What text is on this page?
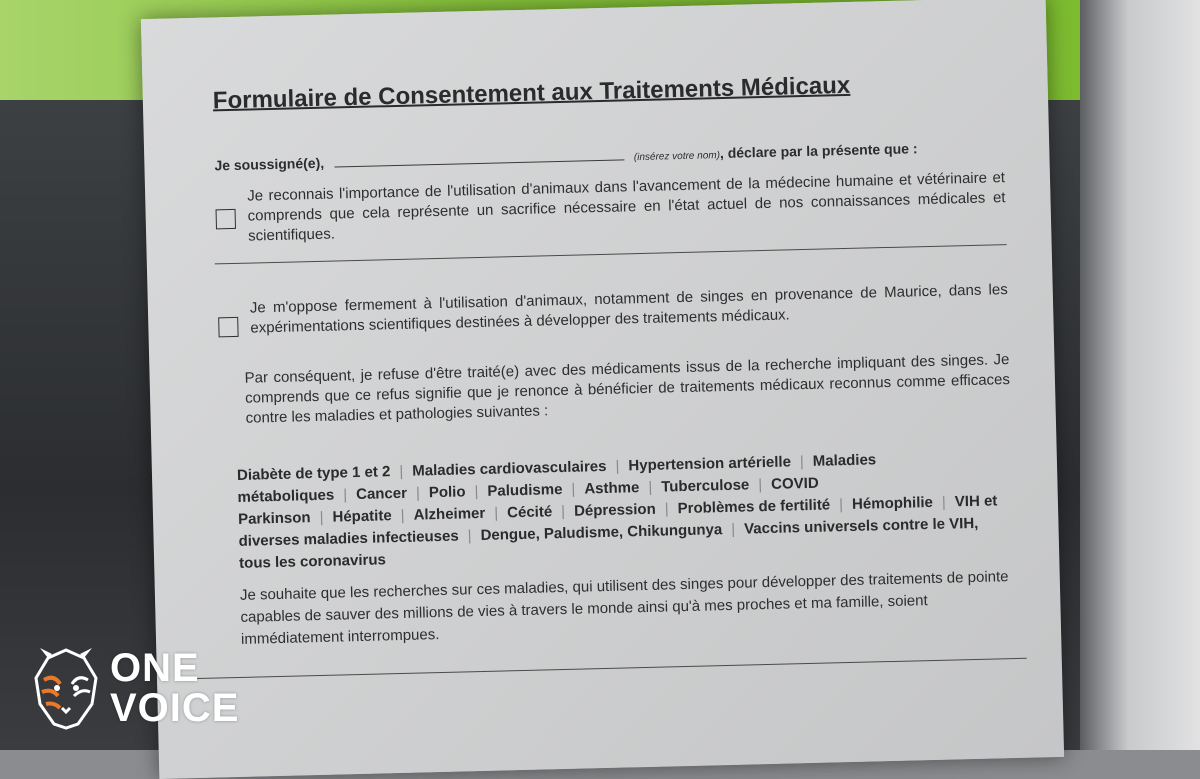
Formulaire de Consentement aux Traitements Médicaux
Je soussigné(e),	(insérez votre nom), déclare par la présente que :
Je reconnais l'importance de l'utilisation d'animaux dans l'avancement de la médecine humaine et vétérinaire et comprends que cela représente un sacrifice nécessaire en l'état actuel de nos connaissances médicales et scientifiques.
Je m'oppose fermement à l'utilisation d'animaux, notamment de singes en provenance de Maurice, dans les expérimentations scientifiques destinées à développer des traitements médicaux.
Par conséquent, je refuse d'être traité(e) avec des médicaments issus de la recherche impliquant des singes. Je comprends que ce refus signifie que je renonce à bénéficier de traitements médicaux reconnus comme efficaces contre les maladies et pathologies suivantes :
Diabète de type 1 et 2 | Maladies cardiovasculaires | Hypertension artérielle | Maladies métaboliques | Cancer | Polio | Paludisme | Asthme | Tuberculose | COVID Parkinson | Hépatite | Alzheimer | Cécité | Dépression | Problèmes de fertilité | Hémophilie | VIH et diverses maladies infectieuses | Dengue, Paludisme, Chikungunya | Vaccins universels contre le VIH, tous les coronavirus
Je souhaite que les recherches sur ces maladies, qui utilisent des singes pour développer des traitements de pointe capables de sauver des millions de vies à travers le monde ainsi qu'à mes proches et ma famille, soient immédiatement interrompues.
ONE
VOICE
